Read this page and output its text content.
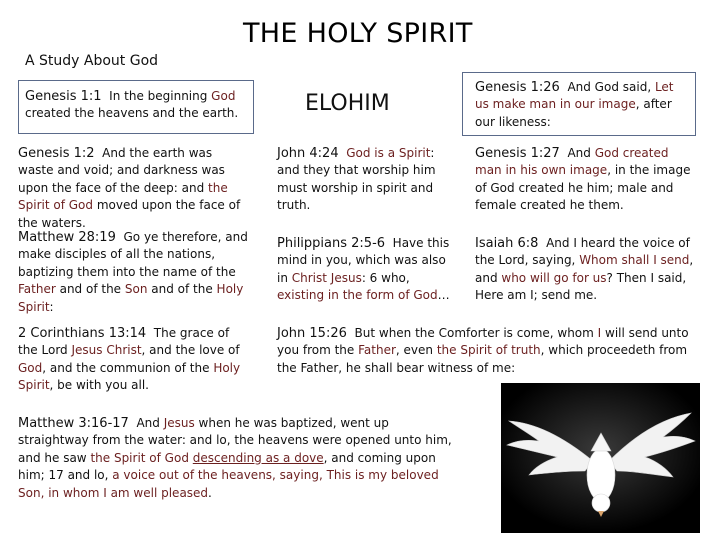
A Study About God
THE HOLY SPIRIT
Genesis 1:1 In the beginning God created the heavens and the earth.	ELOHIM
Genesis 1:26 And God said, Let us make man in our image, after our likeness:
Genesis 1:2 And the earth was waste and void; and darkness was upon the face of the deep: and the Spirit of God moved upon the face of the waters.
John 4:24 God is a Spirit: and they that worship him must worship in spirit and truth.
Genesis 1:27 And God created man in his own image, in the image of God created he him; male and female created he them.
Matthew 28:19 Go ye therefore, and make disciples of all the nations, baptizing them into the name of the Father and of the Son and of the Holy Spirit:
Philippians 2:5-6 Have this mind in you, which was also in Christ Jesus: 6 who, existing in the form of God…
Isaiah 6:8 And I heard the voice of the Lord, saying, Whom shall I send, and who will go for us? Then I said, Here am I; send me.
2 Corinthians 13:14 The grace of the Lord Jesus Christ, and the love of God, and the communion of the Holy Spirit, be with you all.
John 15:26 But when the Comforter is come, whom I will send unto you from the Father, even the Spirit of truth, which proceedeth from the Father, he shall bear witness of me:
Matthew 3:16-17 And Jesus when he was baptized, went up straightway from the water: and lo, the heavens were opened unto him, and he saw the Spirit of God descending as a dove, and coming upon him; 17 and lo, a voice out of the heavens, saying, This is my beloved Son, in whom I am well pleased.
